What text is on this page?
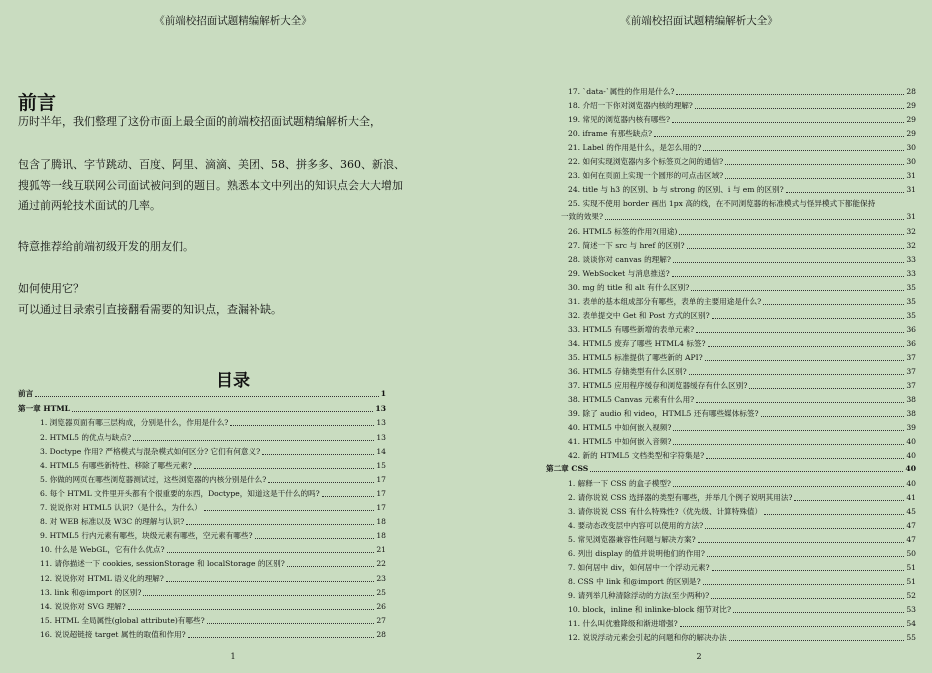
《前端校招面试题精编解析大全》
前言
历时半年，我们整理了这份市面上最全面的前端校招面试题精编解析大全，
包含了腾讯、字节跳动、百度、阿里、滴滴、美团、58、拼多多、360、新浪、
搜狐等一线互联网公司面试被问到的题目。熟悉本文中列出的知识点会大大增加
通过前两轮技术面试的几率。
特意推荐给前端初级开发的朋友们。
如何使用它？
可以通过目录索引直接翻看需要的知识点，查漏补缺。
目录
前言	1
第一章 HTML	13
1. 浏览器页面有哪三层构成，分别是什么，作用是什么?	13
2. HTML5 的优点与缺点?	13
3. Doctype 作用? 严格模式与混杂模式如何区分? 它们有何意义?	14
4. HTML5 有哪些新特性、移除了哪些元素?	15
5. 你做的网页在哪些浏览器测试过，这些浏览器的内核分别是什么?	17
6. 每个 HTML 文件里开头都有个很重要的东西，Doctype，知道这是干什么的吗?	17
7. 说说你对 HTML5 认识?（是什么，为什么）	17
8. 对 WEB 标准以及 W3C 的理解与认识?	18
9. HTML5 行内元素有哪些，块级元素有哪些，空元素有哪些?	18
10. 什么是 WebGL，它有什么优点?	21
11. 请你描述一下 cookies, sessionStorage 和 localStorage 的区别?	22
12. 说说你对 HTML 语义化的理解?	23
13. link 和@import 的区别?	25
14. 说说你对 SVG 理解?	26
15. HTML 全局属性(global attribute)有哪些?	27
16. 说说超链接 target 属性的取值和作用?	28
1
《前端校招面试题精编解析大全》
17. `data-`属性的作用是什么?	28
18. 介绍一下你对浏览器内核的理解?	29
19. 常见的浏览器内核有哪些?	29
20. iframe 有那些缺点?	29
21. Label 的作用是什么，是怎么用的?	30
22. 如何实现浏览器内多个标签页之间的通信?	30
23. 如何在页面上实现一个圆形的可点击区域?	31
24. title 与 h3 的区别、b 与 strong 的区别、i 与 em 的区别?	31
25. 实现不使用 border 画出 1px 高的线，在不同浏览器的标准模式与怪异模式下都能保持
一致的效果?	31
26. HTML5 标签的作用?(用途)	32
27. 简述一下 src 与 href 的区别?	32
28. 谈谈你对 canvas 的理解?	33
29. WebSocket 与消息推送?	33
30. mg 的 title 和 alt 有什么区别?	35
31. 表单的基本组成部分有哪些，表单的主要用途是什么?	35
32. 表单提交中 Get 和 Post 方式的区别?	35
33. HTML5 有哪些新增的表单元素?	36
34. HTML5 废弃了哪些 HTML4 标签?	36
35. HTML5 标准提供了哪些新的 API?	37
36. HTML5 存储类型有什么区别?	37
37. HTML5 应用程序缓存和浏览器缓存有什么区别?	37
38. HTML5 Canvas 元素有什么用?	38
39. 除了 audio 和 video，HTML5 还有哪些媒体标签?	38
40. HTML5 中如何嵌入视频?	39
41. HTML5 中如何嵌入音频?	40
42. 新的 HTML5 文档类型和字符集是?	40
第二章 CSS	40
1. 解释一下 CSS 的盒子模型?	40
2. 请你说说 CSS 选择器的类型有哪些，并举几个例子说明其用法?	41
3. 请你说说 CSS 有什么特殊性?（优先级、计算特殊值）	45
4. 要动态改变层中内容可以使用的方法?	47
5. 常见浏览器兼容性问题与解决方案?	47
6. 列出 display 的值并说明他们的作用?	50
7. 如何居中 div，如何居中一个浮动元素?	51
8. CSS 中 link 和@import 的区别是?	51
9. 请列举几种清除浮动的方法(至少两种)?	52
10. block，inline 和 inlinke-block 细节对比?	53
11. 什么叫优雅降级和渐进增强?	54
12. 说说浮动元素会引起的问题和你的解决办法	55
2
